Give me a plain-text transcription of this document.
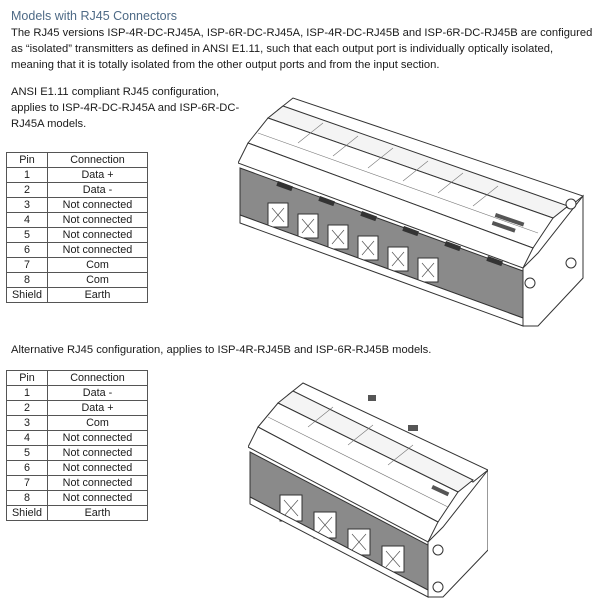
Models with RJ45 Connectors
The RJ45 versions ISP-4R-DC-RJ45A, ISP-6R-DC-RJ45A, ISP-4R-DC-RJ45B and ISP-6R-DC-RJ45B are configured as “isolated” transmitters as defined in ANSI E1.11, such that each output port is individually optically isolated, meaning that it is totally isolated from the other output ports and from the input section.
ANSI E1.11 compliant RJ45 configuration, applies to ISP-4R-DC-RJ45A and ISP-6R-DC-RJ45A models.
Pin	Connection
1	Data +
2	Data -
3	Not connected
4	Not connected
5	Not connected
6	Not connected
7	Com
8	Com
Shield	Earth
Alternative RJ45 configuration, applies to ISP-4R-RJ45B and ISP-6R-RJ45B models.
Pin	Connection
1	Data -
2	Data +
3	Com
4	Not connected
5	Not connected
6	Not connected
7	Not connected
8	Not connected
Shield	Earth
